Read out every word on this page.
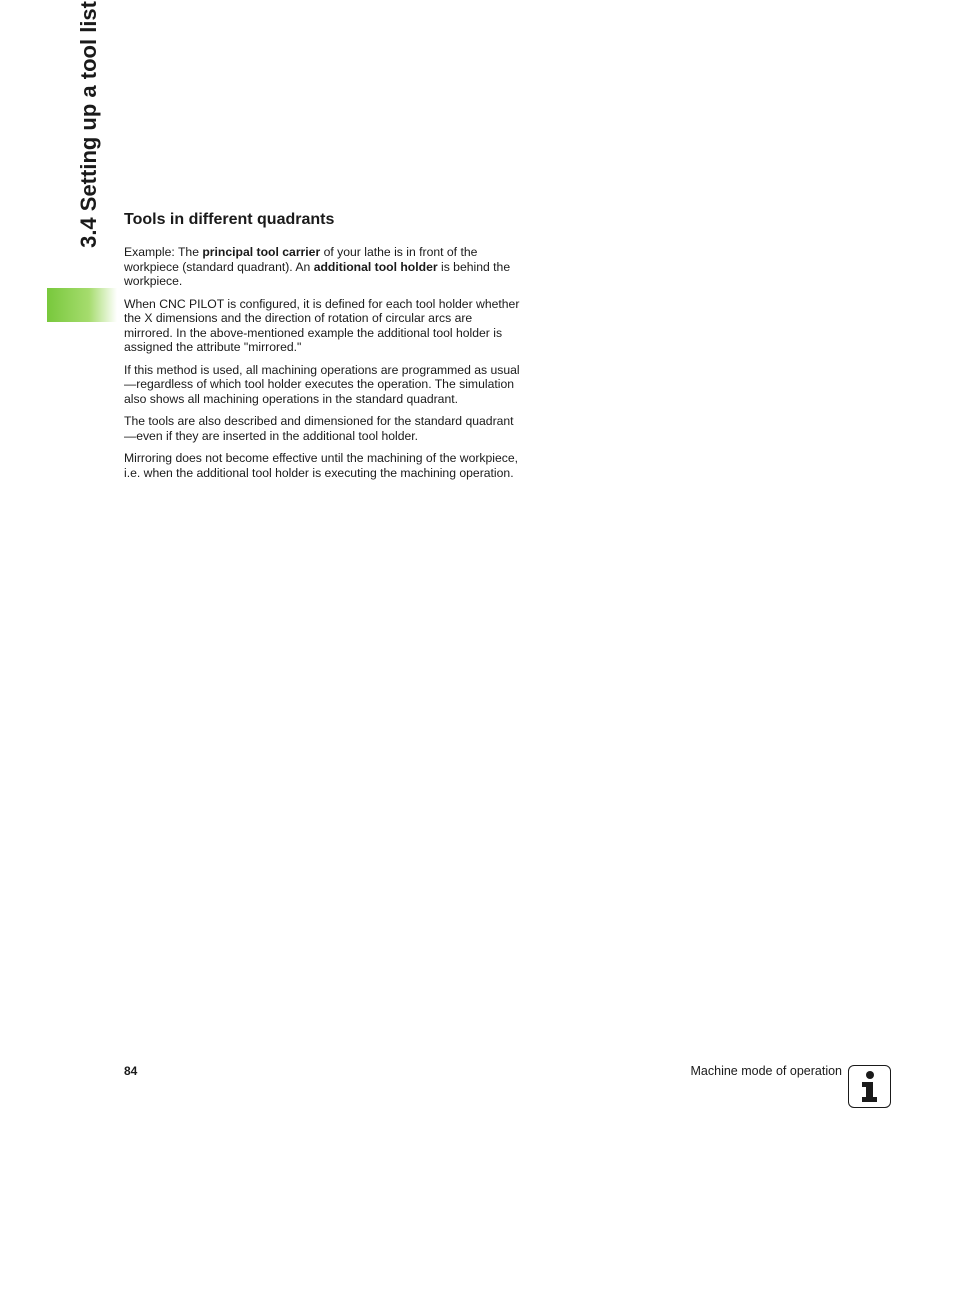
3.4 Setting up a tool list	Tools in different quadrants

Example: The principal tool carrier of your lathe is in front of the workpiece (standard quadrant). An additional tool holder is behind the workpiece.

When CNC PILOT is configured, it is defined for each tool holder whether the X dimensions and the direction of rotation of circular arcs are mirrored. In the above-mentioned example the additional tool holder is assigned the attribute "mirrored."

If this method is used, all machining operations are programmed as usual—regardless of which tool holder executes the operation. The simulation also shows all machining operations in the standard quadrant.

The tools are also described and dimensioned for the standard quadrant—even if they are inserted in the additional tool holder.

Mirroring does not become effective until the machining of the workpiece, i.e. when the additional tool holder is executing the machining operation.

84	Machine mode of operation
